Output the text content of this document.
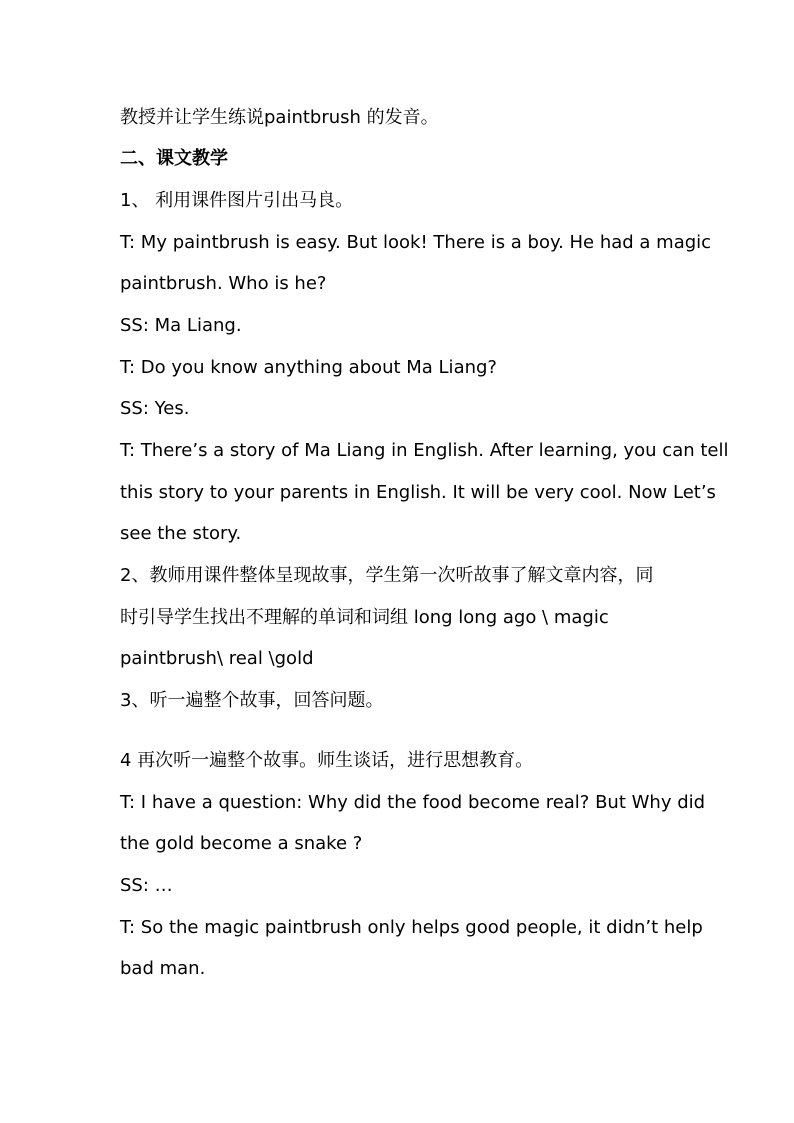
教授并让学生练说paintbrush 的发音。
二、课文教学
1、 利用课件图片引出马良。
T: My paintbrush is easy. But look! There is a boy. He had a magic
paintbrush. Who is he?
SS: Ma Liang.
T: Do you know anything about Ma Liang?
SS: Yes.
T: There’s a story of Ma Liang in English. After learning, you can tell
this story to your parents in English. It will be very cool. Now Let’s
see the story.
2、教师用课件整体呈现故事，学生第一次听故事了解文章内容，同
时引导学生找出不理解的单词和词组 long long ago \ magic
paintbrush\ real \gold
3、听一遍整个故事，回答问题。
4 再次听一遍整个故事。师生谈话，进行思想教育。
T: I have a question: Why did the food become real? But Why did
the gold become a snake ?
SS: …
T: So the magic paintbrush only helps good people, it didn’t help
bad man.
